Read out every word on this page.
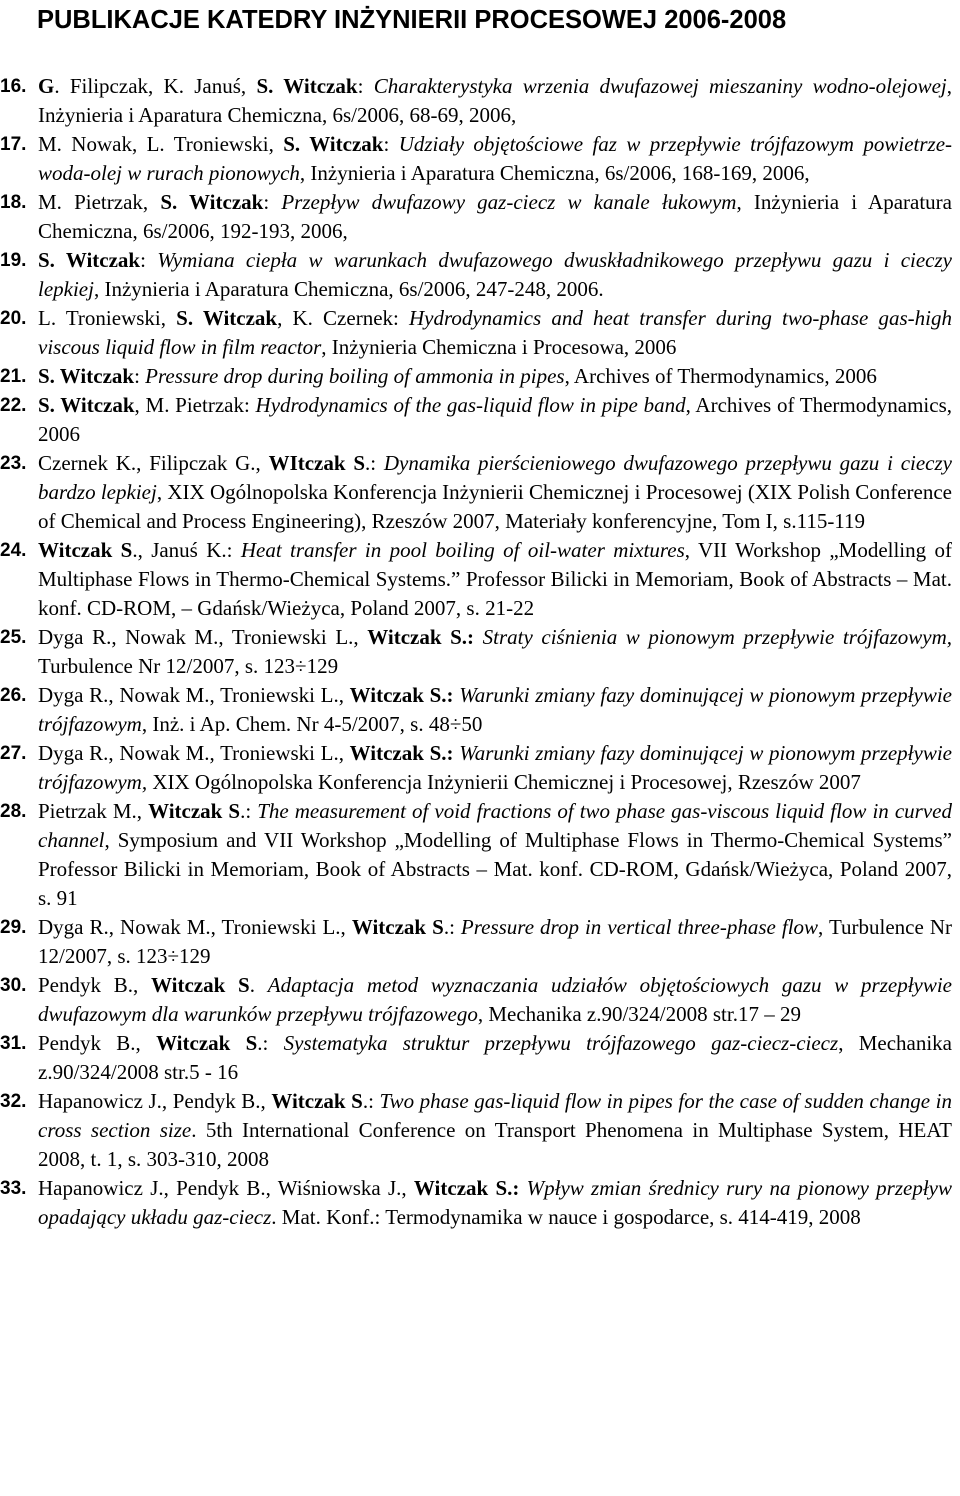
PUBLIKACJE KATEDRY INŻYNIERII PROCESOWEJ 2006-2008
16. G. Filipczak, K. Januś, S. Witczak: Charakterystyka wrzenia dwufazowej mieszaniny wodno-olejowej, Inżynieria i Aparatura Chemiczna, 6s/2006, 68-69, 2006,
17. M. Nowak, L. Troniewski, S. Witczak: Udziały objętościowe faz w przepływie trójfazowym powietrze-woda-olej w rurach pionowych, Inżynieria i Aparatura Chemiczna, 6s/2006, 168-169, 2006,
18. M. Pietrzak, S. Witczak: Przepływ dwufazowy gaz-ciecz w kanale łukowym, Inżynieria i Aparatura Chemiczna, 6s/2006, 192-193, 2006,
19. S. Witczak: Wymiana ciepła w warunkach dwufazowego dwuskładnikowego przepływu gazu i cieczy lepkiej, Inżynieria i Aparatura Chemiczna, 6s/2006, 247-248, 2006.
20. L. Troniewski, S. Witczak, K. Czernek: Hydrodynamics and heat transfer during two-phase gas-high viscous liquid flow in film reactor, Inżynieria Chemiczna i Procesowa, 2006
21. S. Witczak: Pressure drop during boiling of ammonia in pipes, Archives of Thermodynamics, 2006
22. S. Witczak, M. Pietrzak: Hydrodynamics of the gas-liquid flow in pipe band, Archives of Thermodynamics, 2006
23. Czernek K., Filipczak G., WItczak S.: Dynamika pierścieniowego dwufazowego przepływu gazu i cieczy bardzo lepkiej, XIX Ogólnopolska Konferencja Inżynierii Chemicznej i Procesowej (XIX Polish Conference of Chemical and Process Engineering), Rzeszów 2007, Materiały konferencyjne, Tom I, s.115-119
24. Witczak S., Januś K.: Heat transfer in pool boiling of oil-water mixtures, VII Workshop „Modelling of Multiphase Flows in Thermo-Chemical Systems.” Professor Bilicki in Memoriam, Book of Abstracts – Mat. konf. CD-ROM, – Gdańsk/Wieżyca, Poland 2007, s. 21-22
25. Dyga R., Nowak M., Troniewski L., Witczak S.: Straty ciśnienia w pionowym przepływie trójfazowym, Turbulence Nr 12/2007, s. 123÷129
26. Dyga R., Nowak M., Troniewski L., Witczak S.: Warunki zmiany fazy dominującej w pionowym przepływie trójfazowym, Inż. i Ap. Chem. Nr 4-5/2007, s. 48÷50
27. Dyga R., Nowak M., Troniewski L., Witczak S.: Warunki zmiany fazy dominującej w pionowym przepływie trójfazowym, XIX Ogólnopolska Konferencja Inżynierii Chemicznej i Procesowej, Rzeszów 2007
28. Pietrzak M., Witczak S.: The measurement of void fractions of two phase gas-viscous liquid flow in curved channel, Symposium and VII Workshop „Modelling of Multiphase Flows in Thermo-Chemical Systems” Professor Bilicki in Memoriam, Book of Abstracts – Mat. konf. CD-ROM, Gdańsk/Wieżyca, Poland 2007, s. 91
29. Dyga R., Nowak M., Troniewski L., Witczak S.: Pressure drop in vertical three-phase flow, Turbulence Nr 12/2007, s. 123÷129
30. Pendyk B., Witczak S. Adaptacja metod wyznaczania udziałów objętościowych gazu w przepływie dwufazowym dla warunków przepływu trójfazowego, Mechanika z.90/324/2008 str.17 – 29
31. Pendyk B., Witczak S.: Systematyka struktur przepływu trójfazowego gaz-ciecz-ciecz, Mechanika z.90/324/2008 str.5 - 16
32. Hapanowicz J., Pendyk B., Witczak S.: Two phase gas-liquid flow in pipes for the case of sudden change in cross section size. 5th International Conference on Transport Phenomena in Multiphase System, HEAT 2008, t. 1, s. 303-310, 2008
33. Hapanowicz J., Pendyk B., Wiśniowska J., Witczak S.: Wpływ zmian średnicy rury na pionowy przepływ opadający układu gaz-ciecz. Mat. Konf.: Termodynamika w nauce i gospodarce, s. 414-419, 2008
